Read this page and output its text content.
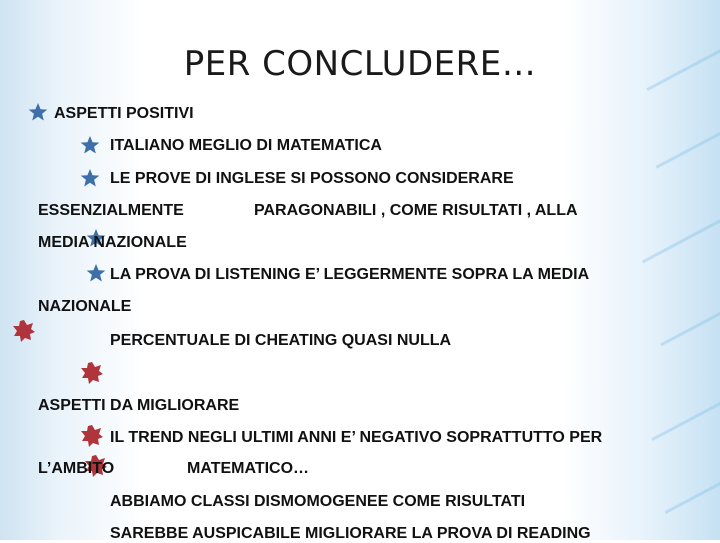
PER CONCLUDERE…
ASPETTI POSITIVI
ITALIANO MEGLIO DI MATEMATICA
LE PROVE DI INGLESE SI POSSONO CONSIDERARE
ESSENZIALMENTE	PARAGONABILI , COME RISULTATI , ALLA
MEDIA NAZIONALE
LA PROVA DI LISTENING E’ LEGGERMENTE SOPRA LA MEDIA
NAZIONALE
PERCENTUALE DI CHEATING QUASI NULLA
ASPETTI DA MIGLIORARE
IL TREND NEGLI ULTIMI ANNI E’ NEGATIVO SOPRATTUTTO PER
L’AMBITO	MATEMATICO…
ABBIAMO CLASSI DISMOMOGENEE COME RISULTATI
SAREBBE AUSPICABILE MIGLIORARE LA PROVA DI READING
